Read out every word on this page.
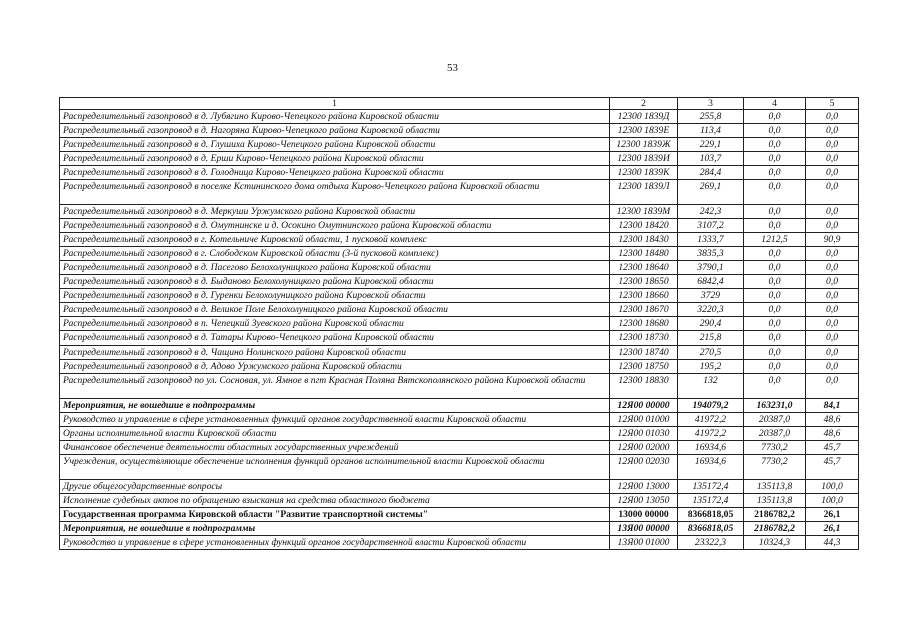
53
1	2	3	4	5
Распределительный газопровод в д. Лубягино Кирово-Чепецкого района Кировской области	12300 1839Д	255,8	0,0	0,0
Распределительный газопровод в д. Нагоряна Кирово-Чепецкого района Кировской области	12300 1839Е	113,4	0,0	0,0
Распределительный газопровод в д. Глушиха Кирово-Чепецкого района Кировской области	12300 1839Ж	229,1	0,0	0,0
Распределительный газопровод в д. Ерши Кирово-Чепецкого района Кировской области	12300 1839И	103,7	0,0	0,0
Распределительный газопровод в д. Голодница Кирово-Чепецкого района Кировской области	12300 1839К	284,4	0,0	0,0
Распределительный газопровод в поселке Кстининского дома отдыха Кирово-Чепецкого района Кировской области	12300 1839Л	269,1	0,0	0,0
Распределительный газопровод в д. Меркуши Уржумского района Кировской области	12300 1839М	242,3	0,0	0,0
Распределительный газопровод в д. Омутнинске и д. Осокино Омутнинского района Кировской области	12300 18420	3107,2	0,0	0,0
Распределительный газопровод в г. Котельниче Кировской области, 1 пусковой комплекс	12300 18430	1333,7	1212,5	90,9
Распределительный газопровод в г. Слободском Кировской области (3-й пусковой комплекс)	12300 18480	3835,3	0,0	0,0
Распределительный газопровод в д. Пасегово Белохолуницкого района Кировской области	12300 18640	3790,1	0,0	0,0
Распределительный газопровод в д. Быданово Белохолуницкого района Кировской области	12300 18650	6842,4	0,0	0,0
Распределительный газопровод в д. Гуренки Белохолуницкого района Кировской области	12300 18660	3729	0,0	0,0
Распределительный газопровод в д. Великое Поле Белохолуницкого района Кировской области	12300 18670	3220,3	0,0	0,0
Распределительный газопровод в п. Чепецкий Зуевского района Кировской области	12300 18680	290,4	0,0	0,0
Распределительный газопровод в д. Татары Кирово-Чепецкого района Кировской области	12300 18730	215,8	0,0	0,0
Распределительный газопровод в д. Чащино Нолинского района Кировской области	12300 18740	270,5	0,0	0,0
Распределительный газопровод в д. Адово Уржумского района Кировской области	12300 18750	195,2	0,0	0,0
Распределительный газопровод по ул. Сосновая, ул. Ямное в пгт Красная Поляна Вятскополянского района Кировской области	12300 18830	132	0,0	0,0
Мероприятия, не вошедшие в подпрограммы	12Я00 00000	194079,2	163231,0	84,1
Руководство и управление в сфере установленных функций органов государственной власти Кировской области	12Я00 01000	41972,2	20387,0	48,6
Органы исполнительной власти Кировской области	12Я00 01030	41972,2	20387,0	48,6
Финансовое обеспечение деятельности областных государственных учреждений	12Я00 02000	16934,6	7730,2	45,7
Учреждения, осуществляющие обеспечение исполнения функций органов исполнительной власти Кировской области	12Я00 02030	16934,6	7730,2	45,7
Другие общегосударственные вопросы	12Я00 13000	135172,4	135113,8	100,0
Исполнение судебных актов по обращению взыскания на средства областного бюджета	12Я00 13050	135172,4	135113,8	100,0
Государственная программа Кировской области "Развитие транспортной системы"	13000 00000	8366818,05	2186782,2	26,1
Мероприятия, не вошедшие в подпрограммы	13Я00 00000	8366818,05	2186782,2	26,1
Руководство и управление в сфере установленных функций органов государственной власти Кировской области	13Я00 01000	23322,3	10324,3	44,3
